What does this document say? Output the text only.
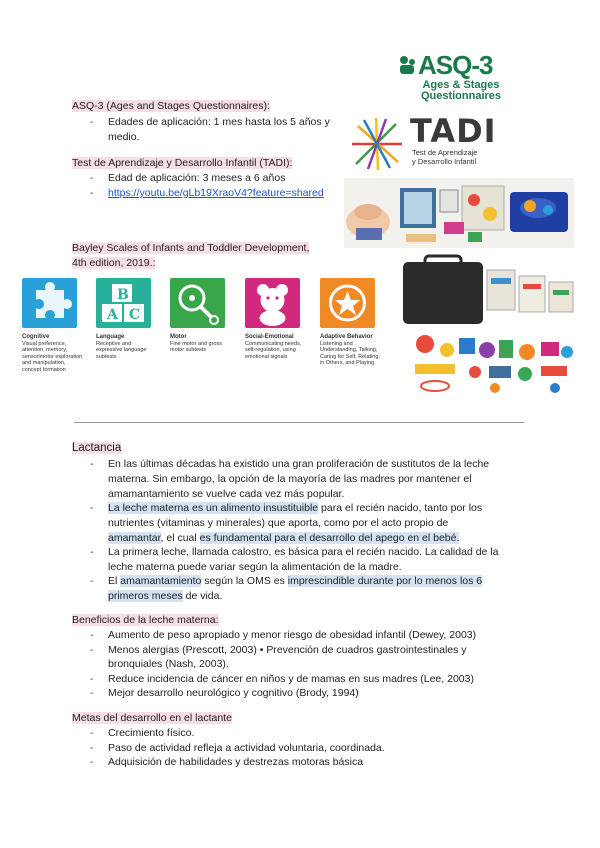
ASQ-3
Ages & Stages Questionnaires
TADI
Test de Aprendizaje
y Desarrollo Infantil
ASQ-3 (Ages and Stages Questionnaires):
- Edades de aplicación: 1 mes hasta los 5 años y
medio.
Test de Aprendizaje y Desarrollo Infantil (TADI):
- Edad de aplicación: 3 meses a 6 años
- https://youtu.be/gLb19XraoV4?feature=shared
Bayley Scales of Infants and Toddler Development,
4th edition, 2019.:
B
A C
Cognitive
Visual preference, attention, memory, sensorimotor exploration and manipulation, concept formation
Language
Receptive and expressive language subtests
Motor
Fine motor and gross motor subtests
Social-Emotional
Communicating needs, self-regulation, using emotional signals
Adaptive Behavior
Listening and Understanding, Talking, Caring for Self, Relating, in Others, and Playing
Lactancia
- En las últimas décadas ha existido una gran proliferación de sustitutos de la leche
materna. Sin embargo, la opción de la mayoría de las madres por mantener el
amamantamiento se vuelve cada vez más popular.
- La leche materna es un alimento insustituible para el recién nacido, tanto por los
nutrientes (vitaminas y minerales) que aporta, como por el acto propio de
amamantar, el cual es fundamental para el desarrollo del apego en el bebé.
- La primera leche, llamada calostro, es básica para el recién nacido. La calidad de la
leche materna puede variar según la alimentación de la madre.
- El amamantamiento según la OMS es imprescindible durante por lo menos los 6
primeros meses de vida.
Beneficios de la leche materna:
- Aumento de peso apropiado y menor riesgo de obesidad infantil (Dewey, 2003)
- Menos alergias (Prescott, 2003) • Prevención de cuadros gastrointestinales y
bronquiales (Nash, 2003).
- Reduce incidencia de cáncer en niños y de mamas en sus madres (Lee, 2003)
- Mejor desarrollo neurológico y cognitivo (Brody, 1994)
Metas del desarrollo en el lactante
- Crecimiento físico.
- Paso de actividad refleja a actividad voluntaria, coordinada.
- Adquisición de habilidades y destrezas motoras básica
